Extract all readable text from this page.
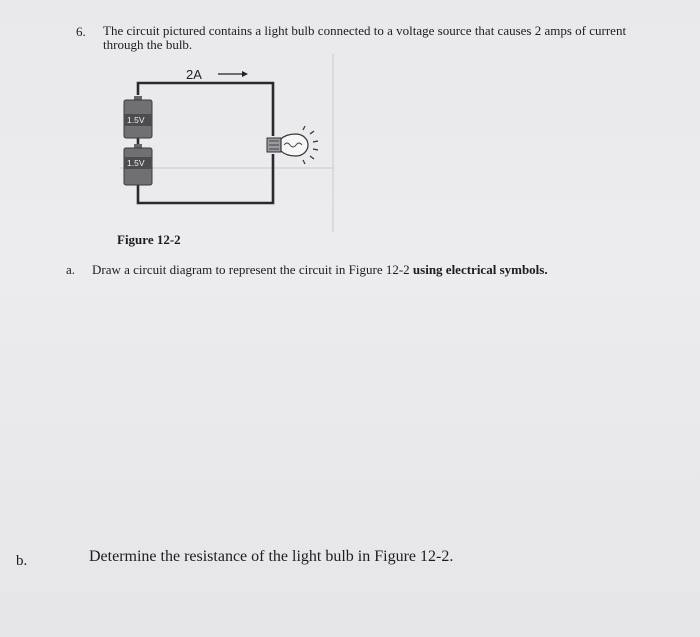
6. The circuit pictured contains a light bulb connected to a voltage source that causes 2 amps of current through the bulb.
2A
1.5V
1.5V
Figure 12-2
a. Draw a circuit diagram to represent the circuit in Figure 12-2 using electrical symbols.
b.	Determine the resistance of the light bulb in Figure 12-2.
